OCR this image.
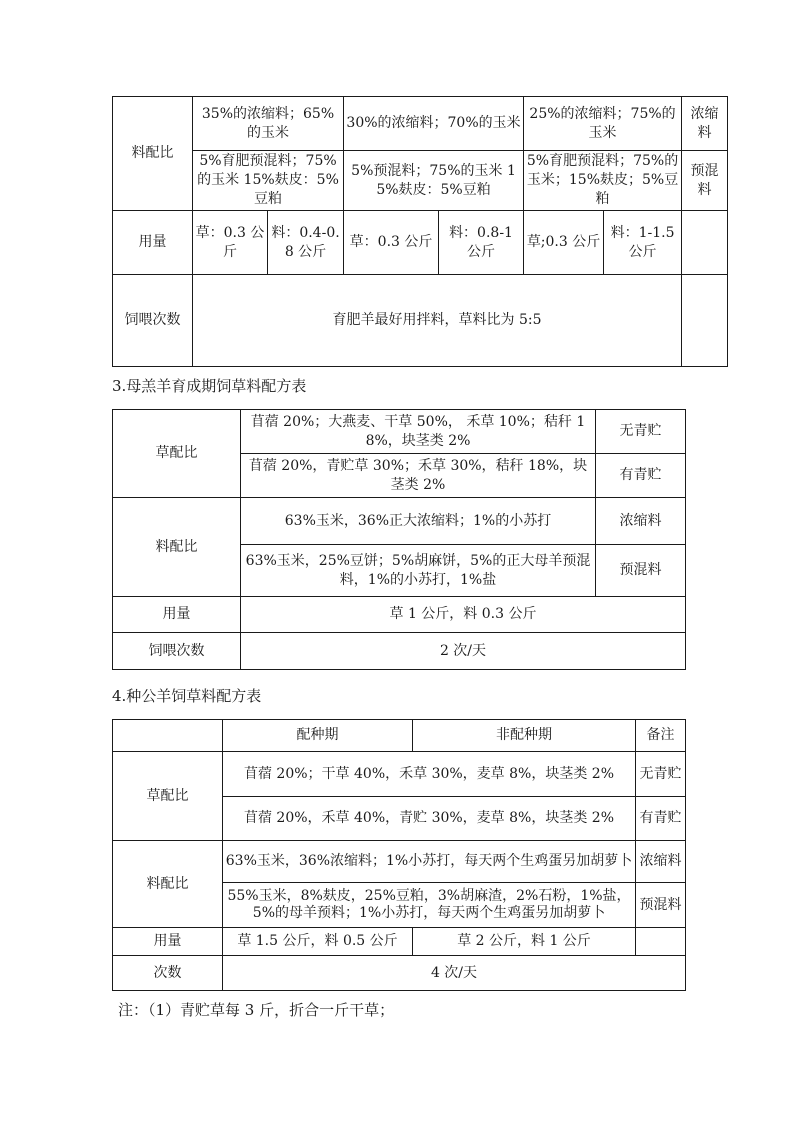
料配比	35%的浓缩料；65%的玉米		30%的浓缩料；70%的玉米		25%的浓缩料；75%的玉米		浓缩料
	5%育肥预混料；75%的玉米 15%麸皮：5%豆粕		5%预混料；75%的玉米 15%麸皮：5%豆粕		5%育肥预混料；75%的玉米；15%麸皮；5%豆粕		预混料
用量	草：0.3 公斤	料：0.4-0.8 公斤	草：0.3 公斤	料：0.8-1 公斤	草;0.3 公斤	料：1-1.5 公斤	
饲喂次数	育肥羊最好用拌料，草料比为 5:5						
3.母羔羊育成期饲草料配方表
草配比	苜蓿 20%；大燕麦、干草 50%， 禾草 10%；秸秆 18%，块茎类 2%	无青贮
	苜蓿 20%，青贮草 30%；禾草 30%，秸秆 18%，块茎类 2%	有青贮
料配比	63%玉米，36%正大浓缩料；1%的小苏打	浓缩料
	63%玉米，25%豆饼；5%胡麻饼，5%的正大母羊预混料，1%的小苏打，1%盐	预混料
用量	草 1 公斤，料 0.3 公斤	
饲喂次数	2 次/天	
4.种公羊饲草料配方表
	配种期	非配种期	备注
草配比	苜蓿 20%；干草 40%，禾草 30%，麦草 8%，块茎类 2%		无青贮
	苜蓿 20%，禾草 40%，青贮 30%，麦草 8%，块茎类 2%		有青贮
料配比	63%玉米，36%浓缩料；1%小苏打，每天两个生鸡蛋另加胡萝卜		浓缩料
	55%玉米，8%麸皮，25%豆粕，3%胡麻渣，2%石粉，1%盐，5%的母羊预料；1%小苏打，每天两个生鸡蛋另加胡萝卜		预混料
用量	草 1.5 公斤，料 0.5 公斤	草 2 公斤，料 1 公斤	
次数	4 次/天		
注：（1）青贮草每 3 斤，折合一斤干草；
